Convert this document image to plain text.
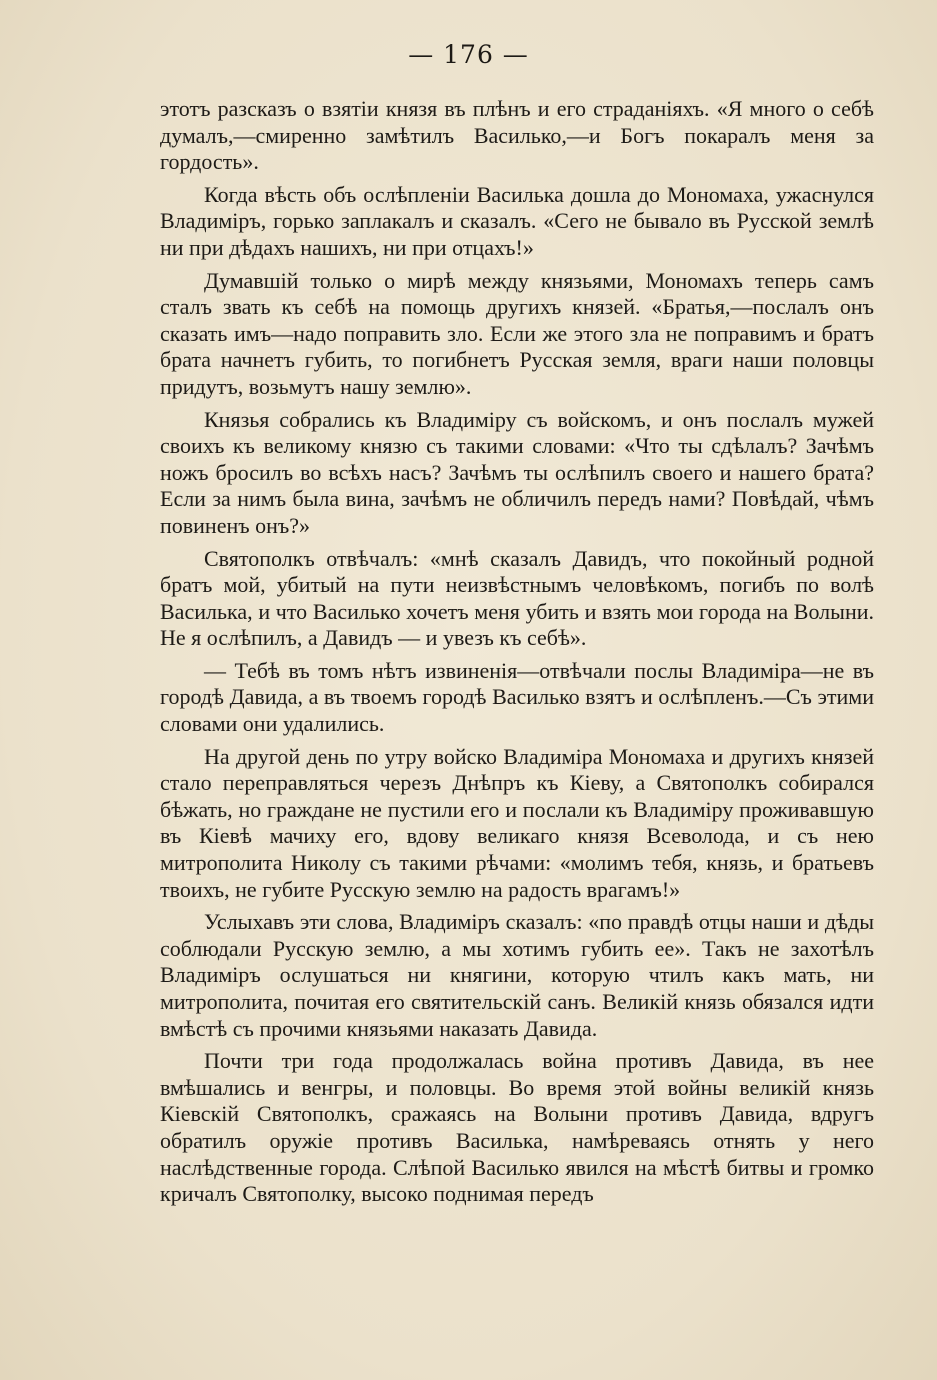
— 176 —

этотъ разсказъ о взятіи князя въ плѣнъ и его страданіяхъ. «Я много о себѣ думалъ,—смиренно замѣтилъ Василько,—и Богъ покаралъ меня за гордость».

Когда вѣсть объ ослѣпленіи Василька дошла до Мономаха, ужаснулся Владиміръ, горько заплакалъ и сказалъ. «Сего не бывало въ Русской землѣ ни при дѣдахъ нашихъ, ни при отцахъ!»

Думавшій только о мирѣ между князьями, Мономахъ теперь самъ сталъ звать къ себѣ на помощь другихъ князей. «Братья,—послалъ онъ сказать имъ—надо поправить зло. Если же этого зла не поправимъ и братъ брата начнетъ губить, то погибнетъ Русская земля, враги наши половцы придутъ, возьмутъ нашу землю».

Князья собрались къ Владиміру съ войскомъ, и онъ послалъ мужей своихъ къ великому князю съ такими словами: «Что ты сдѣлалъ? Зачѣмъ ножъ бросилъ во всѣхъ насъ? Зачѣмъ ты ослѣпилъ своего и нашего брата? Если за нимъ была вина, зачѣмъ не обличилъ передъ нами? Повѣдай, чѣмъ повиненъ онъ?»

Святополкъ отвѣчалъ: «мнѣ сказалъ Давидъ, что покойный родной братъ мой, убитый на пути неизвѣстнымъ человѣкомъ, погибъ по волѣ Василька, и что Василько хочетъ меня убить и взять мои города на Волыни. Не я ослѣпилъ, а Давидъ — и увезъ къ себѣ».

— Тебѣ въ томъ нѣтъ извиненія—отвѣчали послы Владиміра—не въ городѣ Давида, а въ твоемъ городѣ Василько взятъ и ослѣпленъ.—Съ этими словами они удалились.

На другой день по утру войско Владиміра Мономаха и другихъ князей стало переправляться черезъ Днѣпръ къ Кіеву, а Святополкъ собирался бѣжать, но граждане не пустили его и послали къ Владиміру проживавшую въ Кіевѣ мачиху его, вдову великаго князя Всеволода, и съ нею митрополита Николу съ такими рѣчами: «молимъ тебя, князь, и братьевъ твоихъ, не губите Русскую землю на радость врагамъ!»

Услыхавъ эти слова, Владиміръ сказалъ: «по правдѣ отцы наши и дѣды соблюдали Русскую землю, а мы хотимъ губить ее». Такъ не захотѣлъ Владиміръ ослушаться ни княгини, которую чтилъ какъ мать, ни митрополита, почитая его святительскій санъ. Великій князь обязался идти вмѣстѣ съ прочими князьями наказать Давида.

Почти три года продолжалась война противъ Давида, въ нее вмѣшались и венгры, и половцы. Во время этой войны великій князь Кіевскій Святополкъ, сражаясь на Волыни противъ Давида, вдругъ обратилъ оружіе противъ Василька, намѣреваясь отнять у него наслѣдственные города. Слѣпой Василько явился на мѣстѣ битвы и громко кричалъ Святополку, высоко поднимая передъ
